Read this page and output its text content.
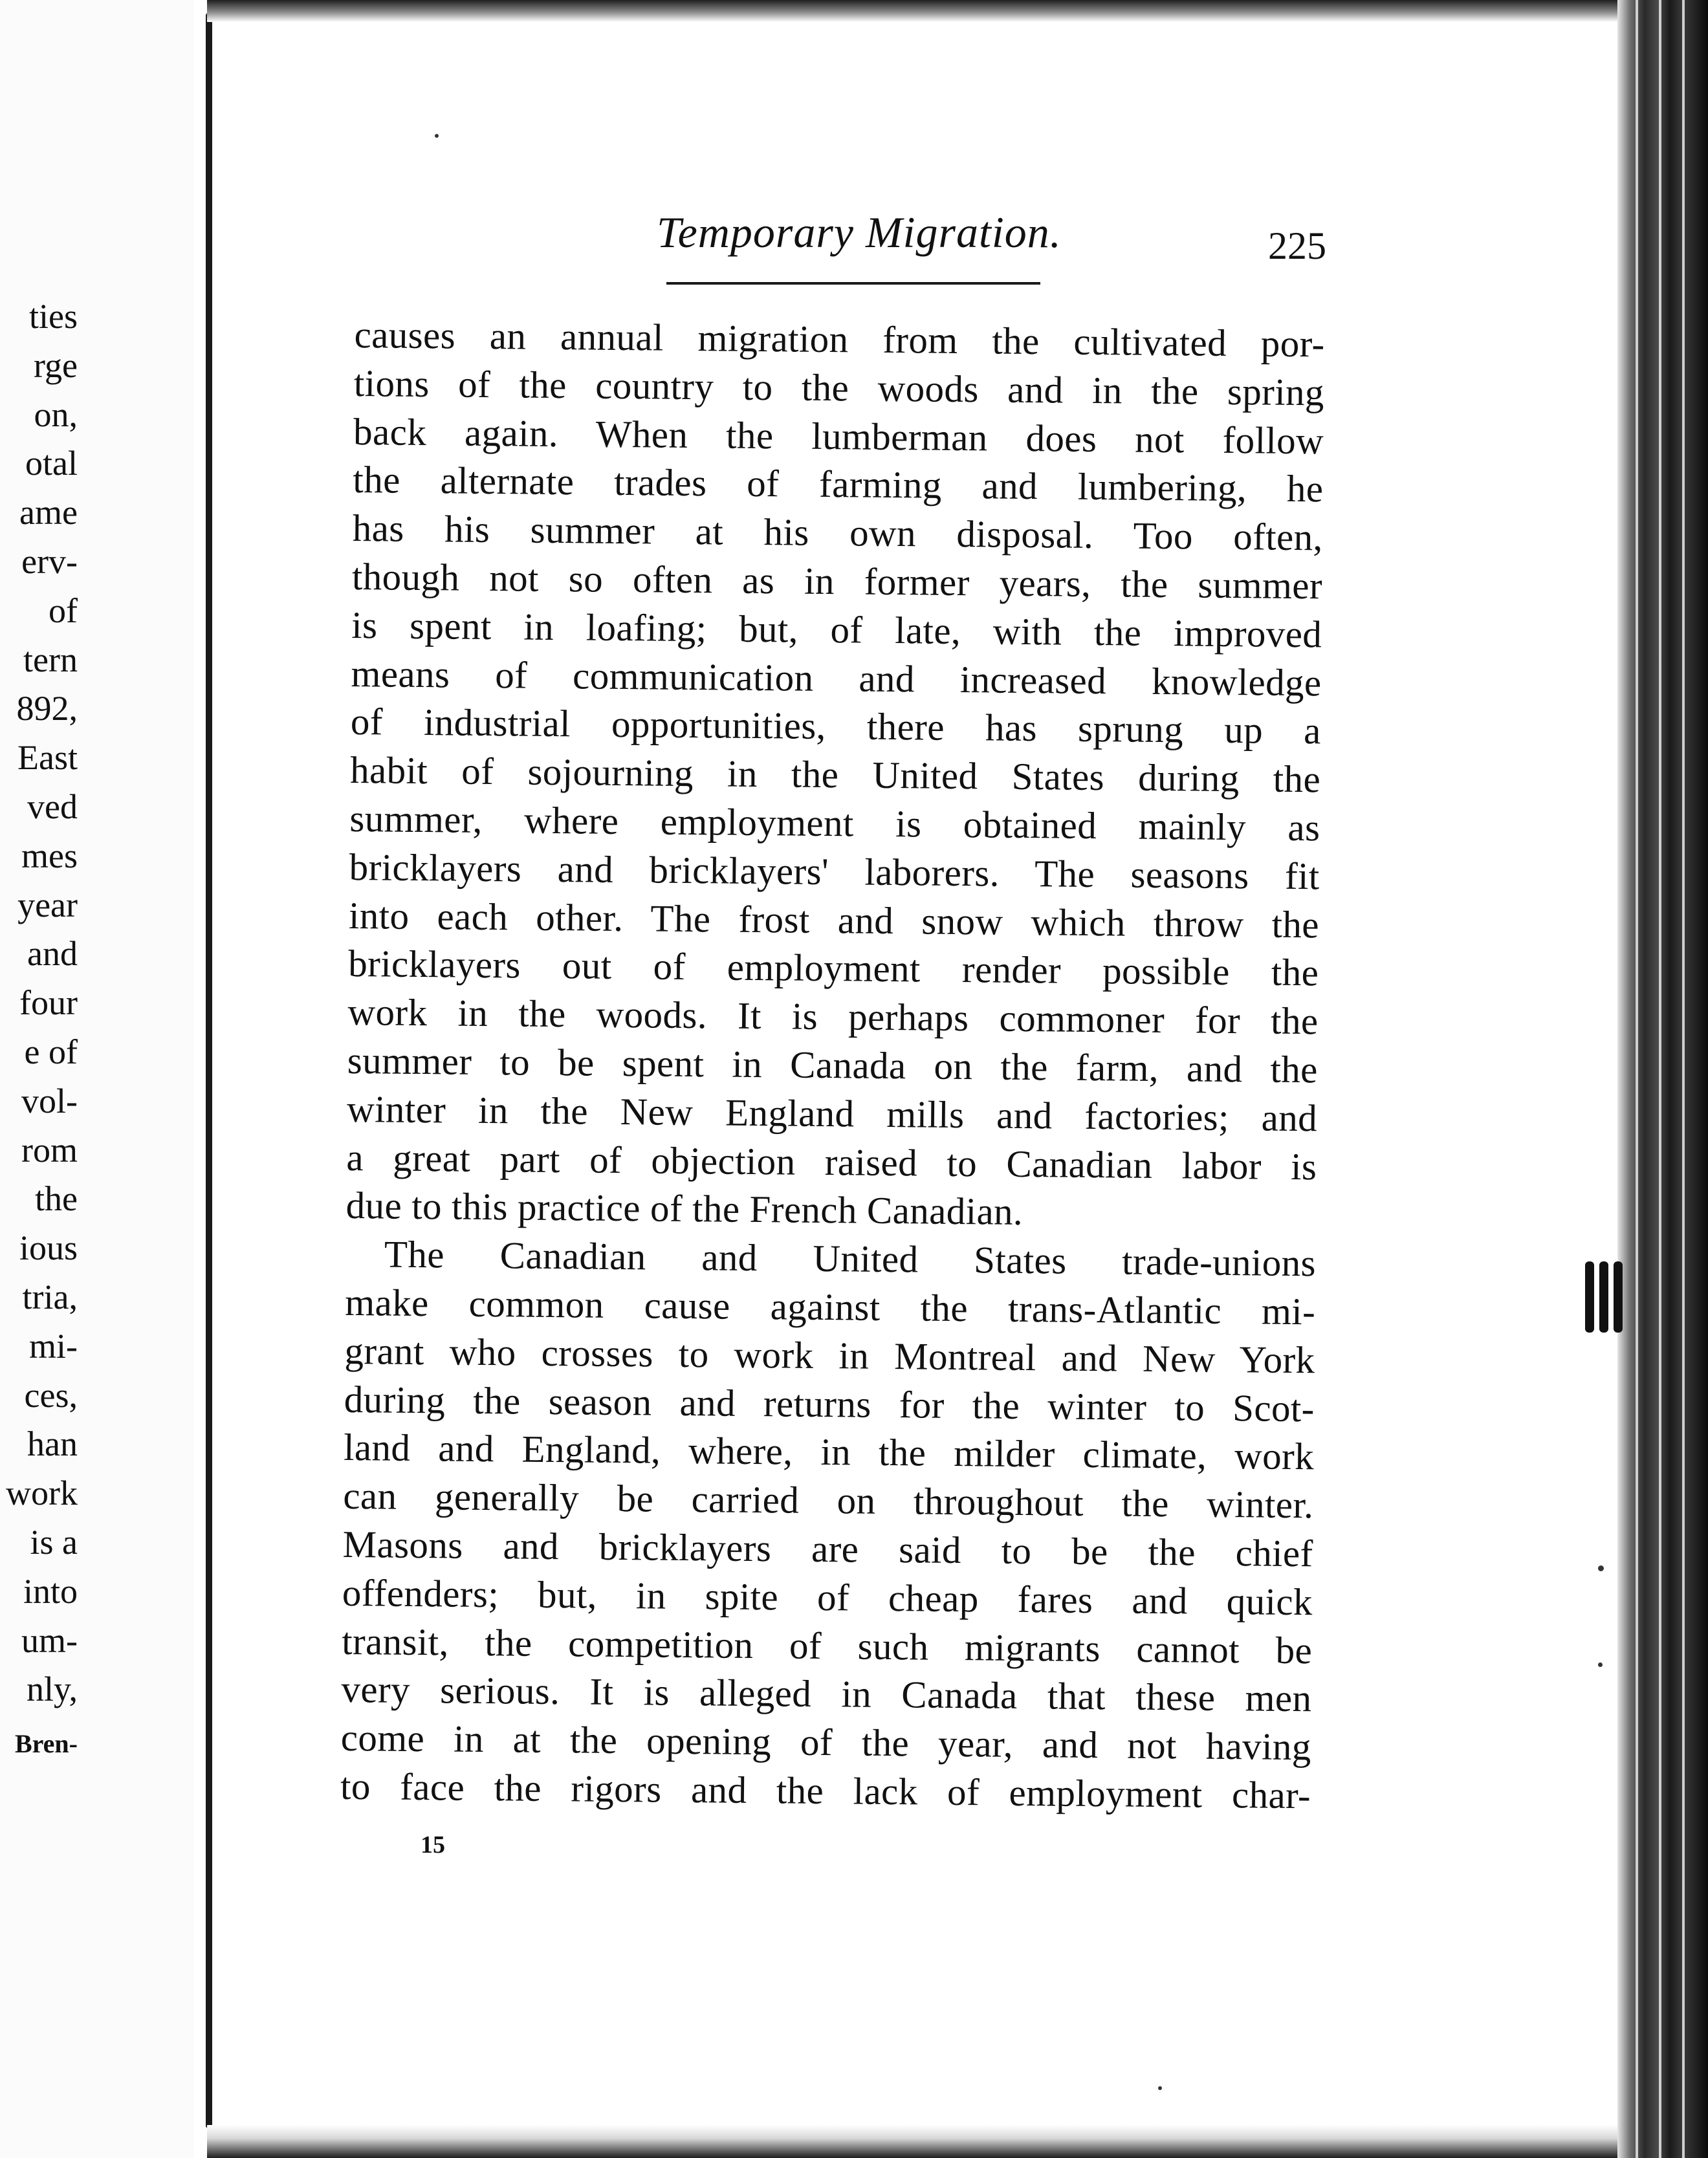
ties
rge
on,
otal
ame
erv-
of
tern
892,
East
ved
mes
year
and
four
e of
vol-
rom
the
ious
tria,
mi-
ces,
han
work
is a
into
um-
nly,
Bren-
Temporary Migration.	225
causes an annual migration from the cultivated por-
tions of the country to the woods and in the spring
back again. When the lumberman does not follow
the alternate trades of farming and lumbering, he
has his summer at his own disposal. Too often,
though not so often as in former years, the summer
is spent in loafing; but, of late, with the improved
means of communication and increased knowledge
of industrial opportunities, there has sprung up a
habit of sojourning in the United States during the
summer, where employment is obtained mainly as
bricklayers and bricklayers' laborers. The seasons fit
into each other. The frost and snow which throw the
bricklayers out of employment render possible the
work in the woods. It is perhaps commoner for the
summer to be spent in Canada on the farm, and the
winter in the New England mills and factories; and
a great part of objection raised to Canadian labor is
due to this practice of the French Canadian.
The Canadian and United States trade-unions
make common cause against the trans-Atlantic mi-
grant who crosses to work in Montreal and New York
during the season and returns for the winter to Scot-
land and England, where, in the milder climate, work
can generally be carried on throughout the winter.
Masons and bricklayers are said to be the chief
offenders; but, in spite of cheap fares and quick
transit, the competition of such migrants cannot be
very serious. It is alleged in Canada that these men
come in at the opening of the year, and not having
to face the rigors and the lack of employment char-
15
